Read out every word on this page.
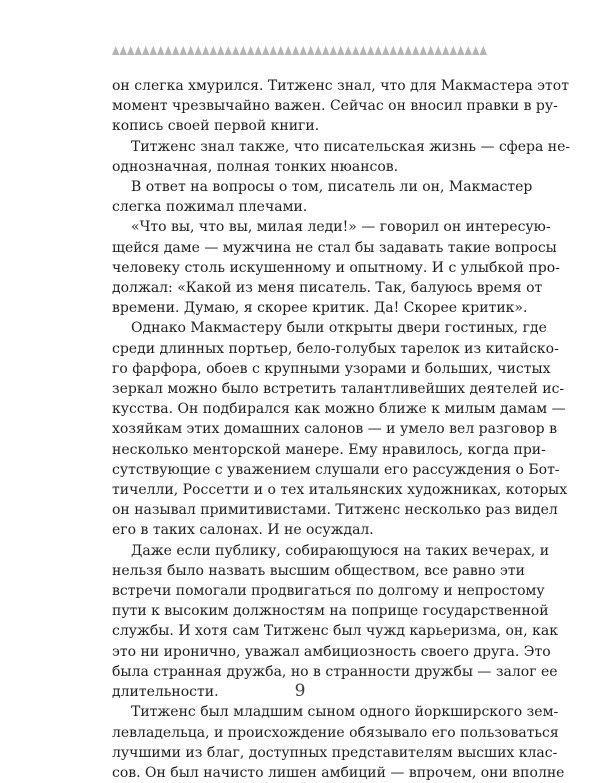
он слегка хмурился. Титженс знал, что для Макмастера этот
момент чрезвычайно важен. Сейчас он вносил правки в ру-
копись своей первой книги.
Титженс знал также, что писательская жизнь — сфера не-
однозначная, полная тонких нюансов.
В ответ на вопросы о том, писатель ли он, Макмастер
слегка пожимал плечами.
«Что вы, что вы, милая леди!» — говорил он интересую-
щейся даме — мужчина не стал бы задавать такие вопросы
человеку столь искушенному и опытному. И с улыбкой про-
должал: «Какой из меня писатель. Так, балуюсь время от
времени. Думаю, я скорее критик. Да! Скорее критик».
Однако Макмастеру были открыты двери гостиных, где
среди длинных портьер, бело-голубых тарелок из китайско-
го фарфора, обоев с крупными узорами и больших, чистых
зеркал можно было встретить талантливейших деятелей ис-
кусства. Он подбирался как можно ближе к милым дамам —
хозяйкам этих домашних салонов — и умело вел разговор в
несколько менторской манере. Ему нравилось, когда при-
сутствующие с уважением слушали его рассуждения о Бот-
тичелли, Россетти и о тех итальянских художниках, которых
он называл примитивистами. Титженс несколько раз видел
его в таких салонах. И не осуждал.
Даже если публику, собирающуюся на таких вечерах, и
нельзя было назвать высшим обществом, все равно эти
встречи помогали продвигаться по долгому и непростому
пути к высоким должностям на поприще государственной
службы. И хотя сам Титженс был чужд карьеризма, он, как
это ни иронично, уважал амбициозность своего друга. Это
была странная дружба, но в странности дружбы — залог ее
длительности.
Титженс был младшим сыном одного йоркширского зем-
левладельца, и происхождение обязывало его пользоваться
лучшими из благ, доступных представителям высших клас-
сов. Он был начисто лишен амбиций — впрочем, они вполне
9
